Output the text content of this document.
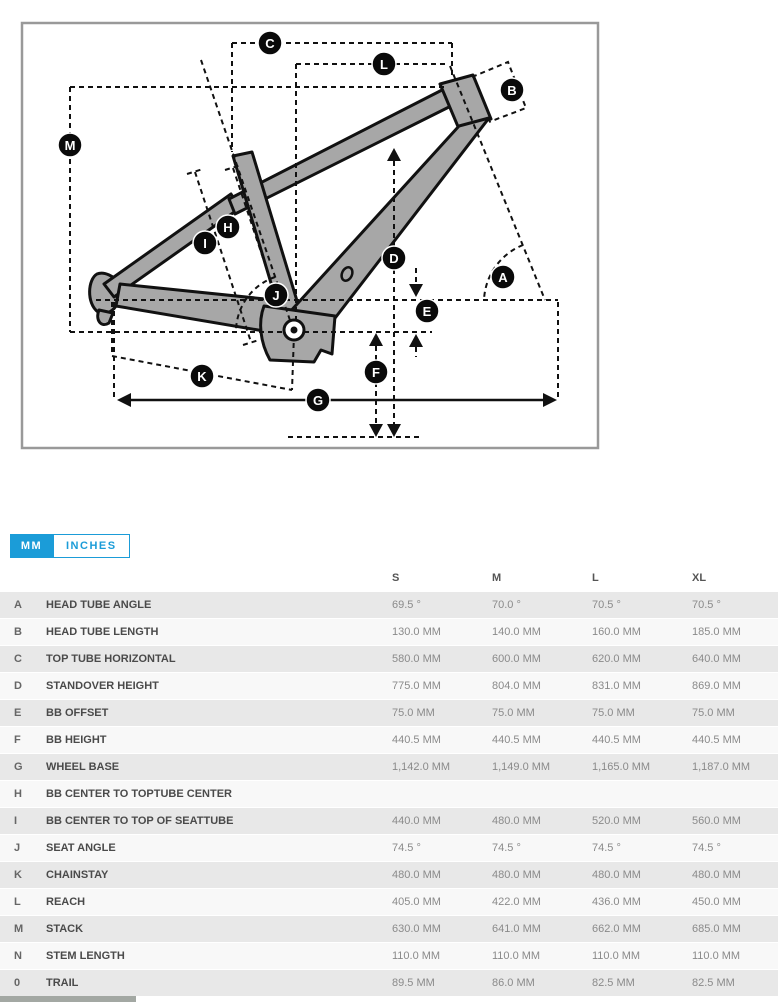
C
L
B
M
H
I
D
A
J
E
K	F
G
MM	INCHES
S	M	L	XL
A	HEAD TUBE ANGLE	69.5 °	70.0 °	70.5 °	70.5 °
B	HEAD TUBE LENGTH	130.0 MM	140.0 MM	160.0 MM	185.0 MM
C	TOP TUBE HORIZONTAL	580.0 MM	600.0 MM	620.0 MM	640.0 MM
D	STANDOVER HEIGHT	775.0 MM	804.0 MM	831.0 MM	869.0 MM
E	BB OFFSET	75.0 MM	75.0 MM	75.0 MM	75.0 MM
F	BB HEIGHT	440.5 MM	440.5 MM	440.5 MM	440.5 MM
G	WHEEL BASE	1,142.0 MM	1,149.0 MM	1,165.0 MM	1,187.0 MM
H	BB CENTER TO TOPTUBE CENTER
I	BB CENTER TO TOP OF SEATTUBE	440.0 MM	480.0 MM	520.0 MM	560.0 MM
J	SEAT ANGLE	74.5 °	74.5 °	74.5 °	74.5 °
K	CHAINSTAY	480.0 MM	480.0 MM	480.0 MM	480.0 MM
L	REACH	405.0 MM	422.0 MM	436.0 MM	450.0 MM
M	STACK	630.0 MM	641.0 MM	662.0 MM	685.0 MM
N	STEM LENGTH	110.0 MM	110.0 MM	110.0 MM	110.0 MM
0	TRAIL	89.5 MM	86.0 MM	82.5 MM	82.5 MM
